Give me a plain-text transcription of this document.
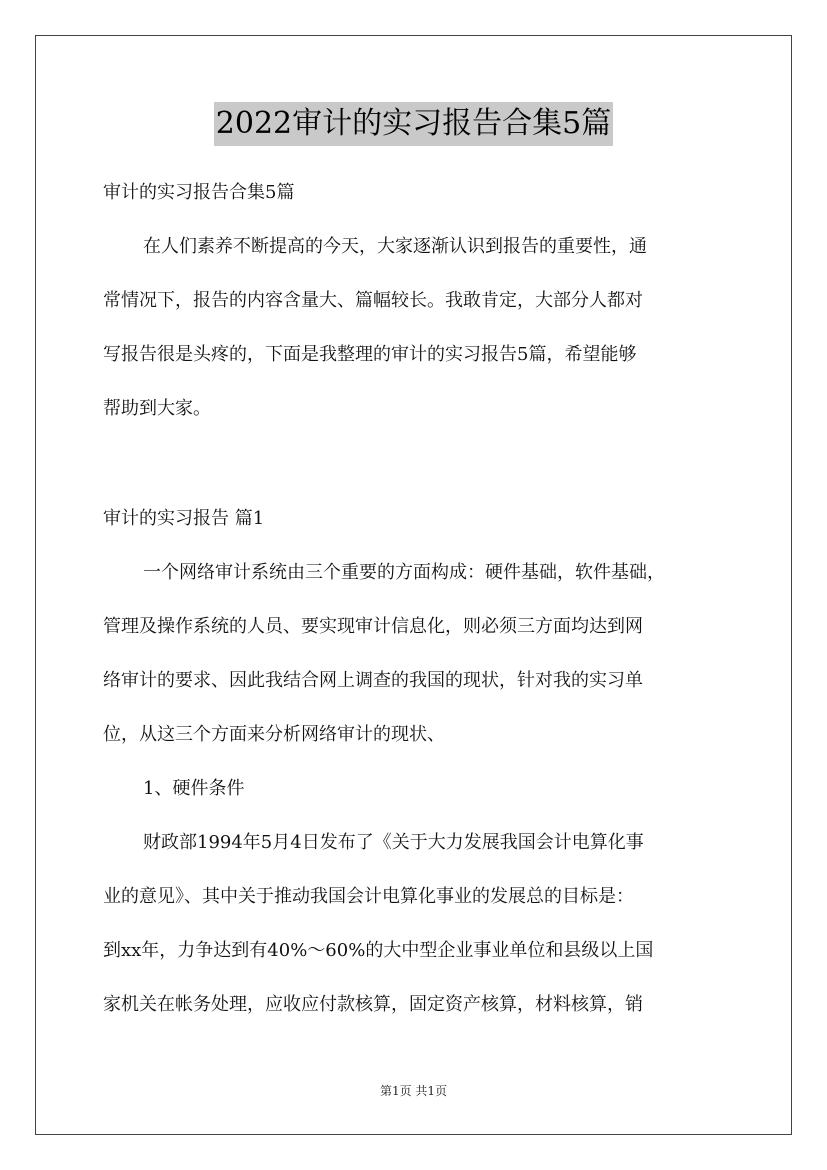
2022审计的实习报告合集5篇

审计的实习报告合集5篇

在人们素养不断提高的今天，大家逐渐认识到报告的重要性，通

常情况下，报告的内容含量大、篇幅较长。我敢肯定，大部分人都对

写报告很是头疼的，下面是我整理的审计的实习报告5篇，希望能够

帮助到大家。

审计的实习报告 篇1

一个网络审计系统由三个重要的方面构成：硬件基础，软件基础，

管理及操作系统的人员、要实现审计信息化，则必须三方面均达到网

络审计的要求、因此我结合网上调查的我国的现状，针对我的实习单

位，从这三个方面来分析网络审计的现状、

1、硬件条件

财政部1994年5月4日发布了《关于大力发展我国会计电算化事

业的意见》、其中关于推动我国会计电算化事业的发展总的目标是：

到xx年，力争达到有40%～60%的大中型企业事业单位和县级以上国

家机关在帐务处理，应收应付款核算，固定资产核算，材料核算，销

第1页 共1页
